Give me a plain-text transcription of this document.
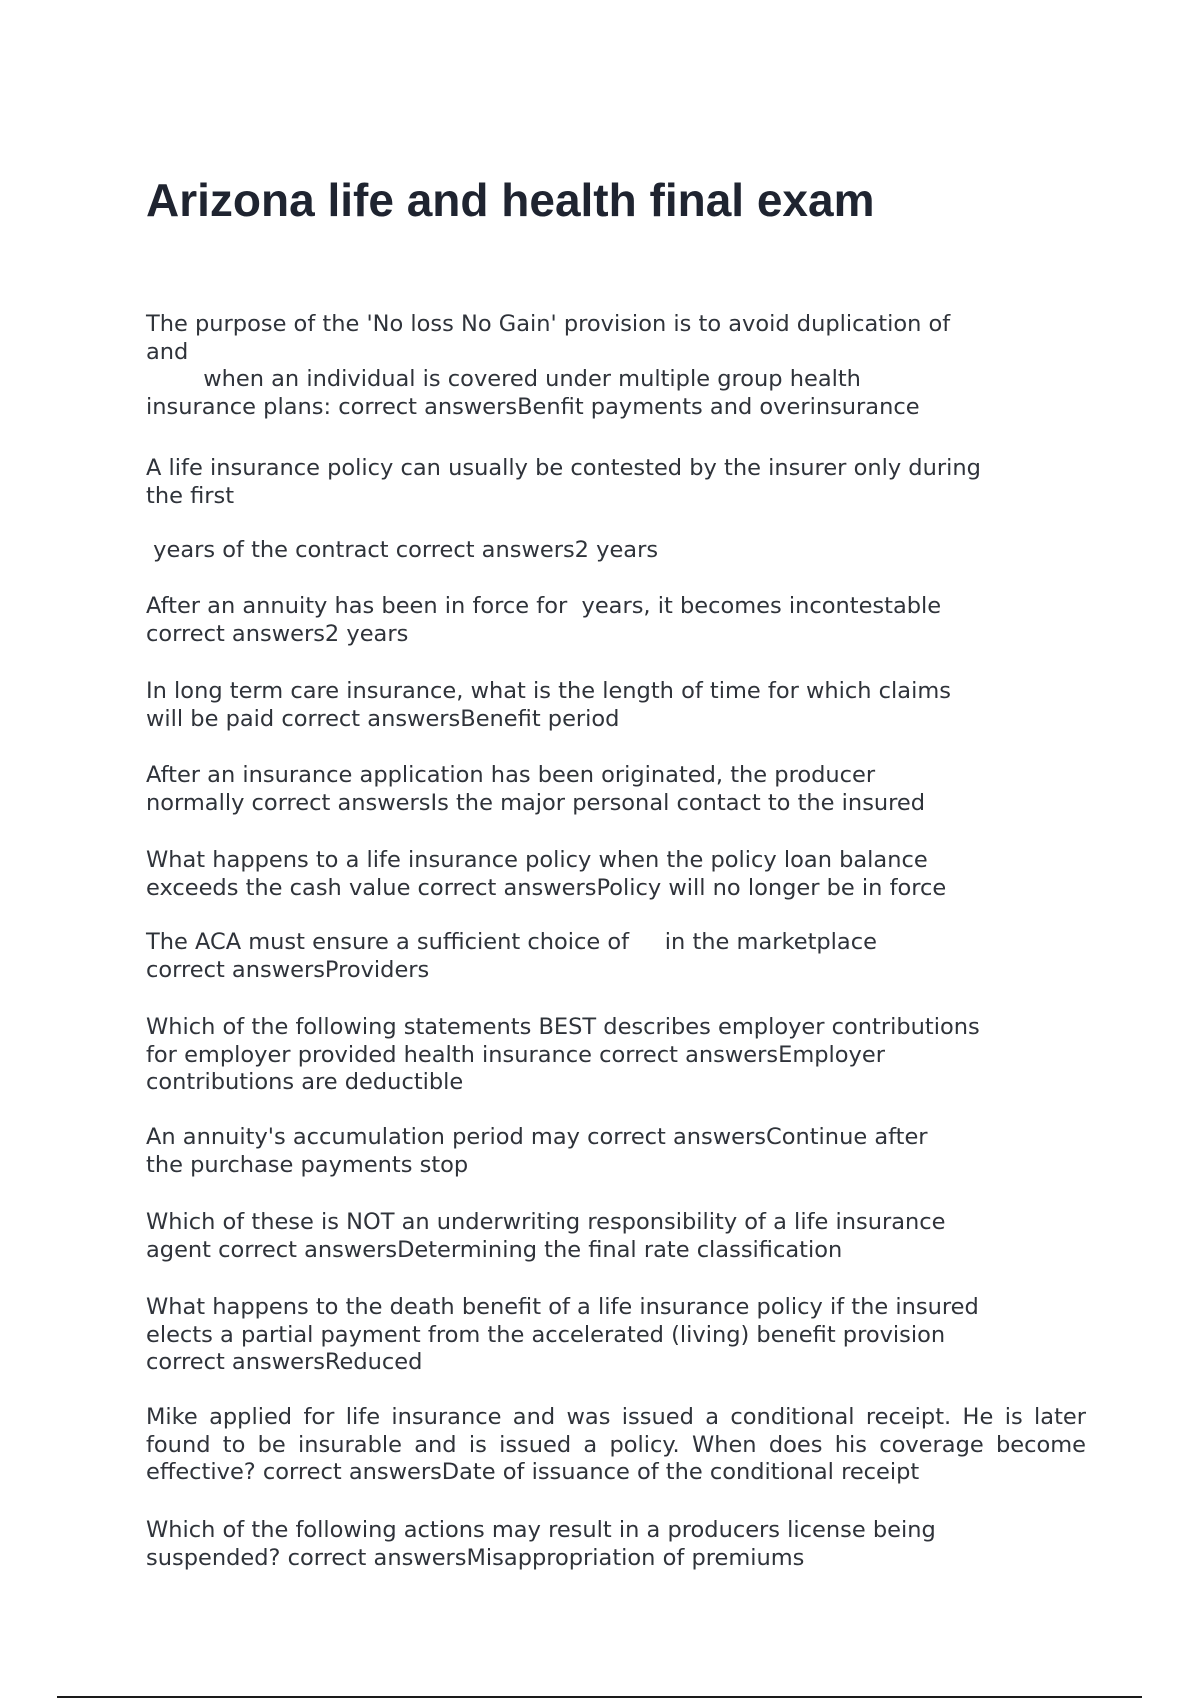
Arizona life and health final exam

The purpose of the 'No loss No Gain' provision is to avoid duplication of
and
when an individual is covered under multiple group health
insurance plans: correct answersBenfit payments and overinsurance

A life insurance policy can usually be contested by the insurer only during
the first

years of the contract correct answers2 years

After an annuity has been in force for  years, it becomes incontestable
correct answers2 years

In long term care insurance, what is the length of time for which claims
will be paid correct answersBenefit period

After an insurance application has been originated, the producer
normally correct answersIs the major personal contact to the insured

What happens to a life insurance policy when the policy loan balance
exceeds the cash value correct answersPolicy will no longer be in force

The ACA must ensure a sufficient choice of     in the marketplace
correct answersProviders

Which of the following statements BEST describes employer contributions
for employer provided health insurance correct answersEmployer
contributions are deductible

An annuity's accumulation period may correct answersContinue after
the purchase payments stop

Which of these is NOT an underwriting responsibility of a life insurance
agent correct answersDetermining the final rate classification

What happens to the death benefit of a life insurance policy if the insured
elects a partial payment from the accelerated (living) benefit provision
correct answersReduced

Mike applied for life insurance and was issued a conditional receipt. He is later found to be insurable and is issued a policy. When does his coverage become effective? correct answersDate of issuance of the conditional receipt

Which of the following actions may result in a producers license being
suspended? correct answersMisappropriation of premiums
